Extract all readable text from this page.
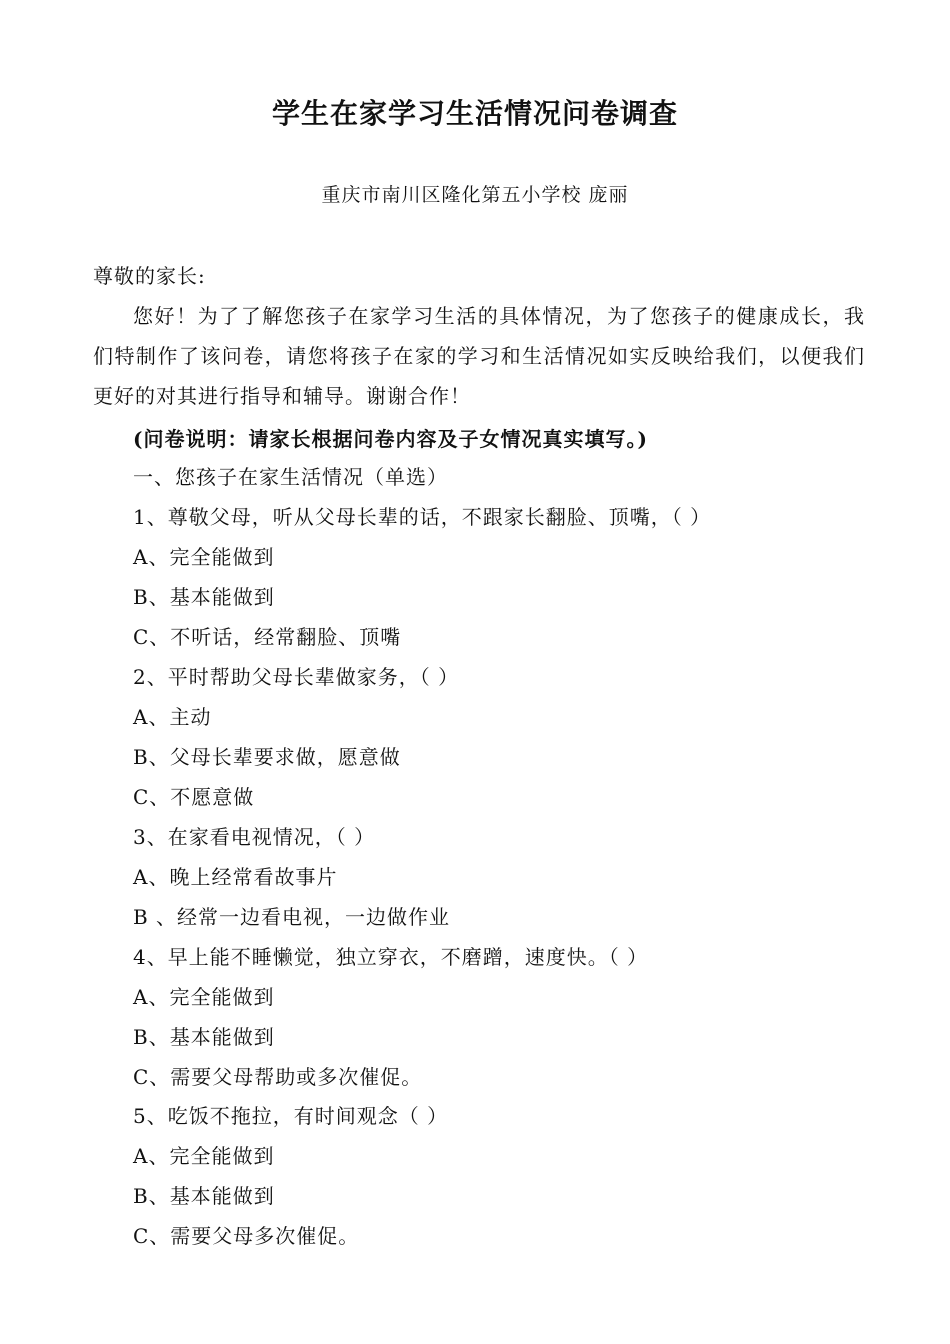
学生在家学习生活情况问卷调查
重庆市南川区隆化第五小学校 庞丽
尊敬的家长:
您好！为了了解您孩子在家学习生活的具体情况，为了您孩子的健康成长，我们特制作了该问卷，请您将孩子在家的学习和生活情况如实反映给我们，以便我们更好的对其进行指导和辅导。谢谢合作！
(问卷说明：请家长根据问卷内容及子女情况真实填写。)
一、您孩子在家生活情况（单选）
1、尊敬父母，听从父母长辈的话，不跟家长翻脸、顶嘴，（ ）
A、完全能做到
B、基本能做到
C、不听话，经常翻脸、顶嘴
2、平时帮助父母长辈做家务，（ ）
A、主动
B、父母长辈要求做，愿意做
C、不愿意做
3、在家看电视情况，（ ）
A、晚上经常看故事片
B 、经常一边看电视，一边做作业
4、早上能不睡懒觉，独立穿衣，不磨蹭，速度快。（ ）
A、完全能做到
B、基本能做到
C、需要父母帮助或多次催促。
5、吃饭不拖拉，有时间观念（ ）
A、完全能做到
B、基本能做到
C、需要父母多次催促。
